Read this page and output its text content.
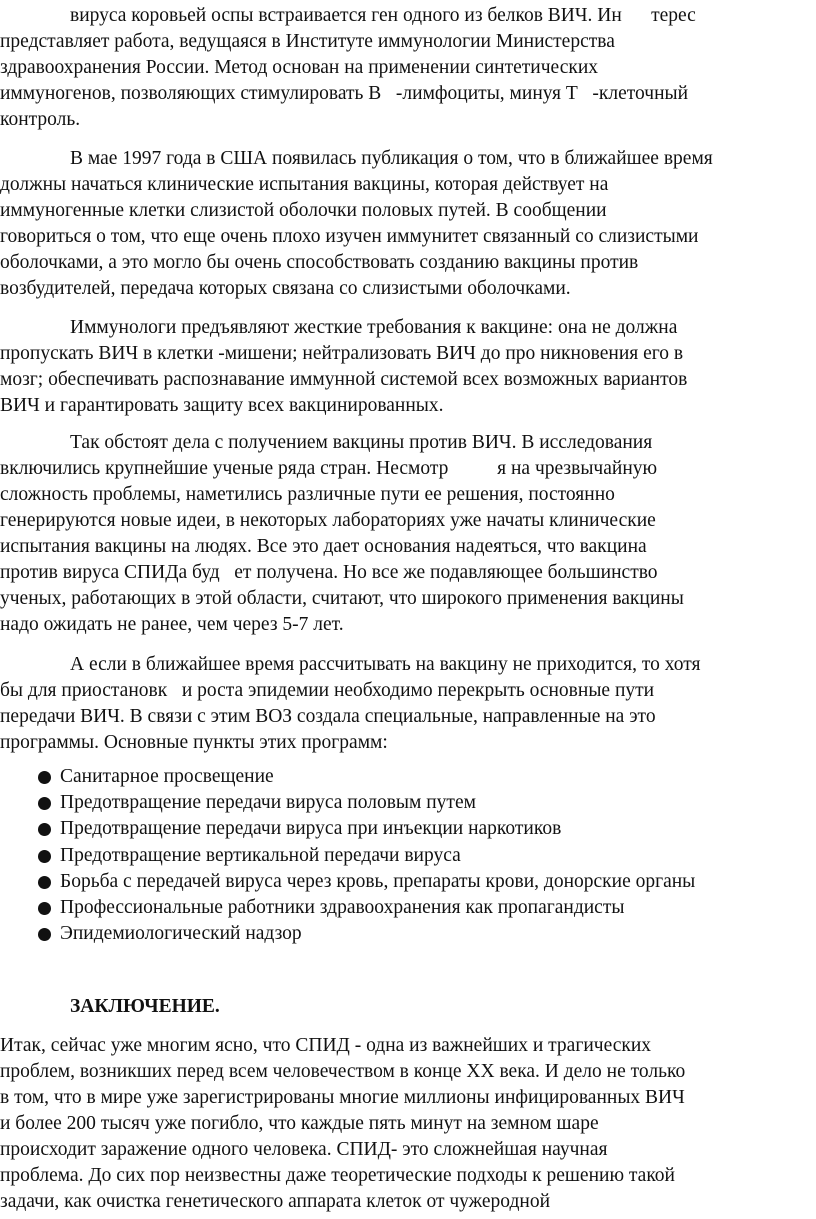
вируса коровьей оспы встраивается ген одного из белков ВИЧ. Ин      терес
представляет работа, ведущаяся в Институте иммунологии Министерства
здравоохранения России. Метод основан на применении синтетических
иммуногенов, позволяющих стимулировать В   -лимфоциты, минуя Т   -клеточный
контроль.
В мае 1997 года в США появилась публикация о том, что в ближайшее время
должны начаться клинические испытания вакцины, которая действует на
иммуногенные клетки слизистой оболочки половых путей. В сообщении
говориться о том, что еще очень плохо изучен иммунитет связанный со слизистыми
оболочками, а это могло бы очень способствовать созданию вакцины против
возбудителей, передача которых связана со слизистыми оболочками.
Иммунологи предъявляют жесткие требования к вакцине: она не должна
пропускать ВИЧ в клетки -мишени; нейтрализовать ВИЧ до про никновения его в
мозг; обеспечивать распознавание иммунной системой всех возможных вариантов
ВИЧ и гарантировать защиту всех вакцинированных.
Так обстоят дела с получением вакцины против ВИЧ. В исследования
включились крупнейшие ученые ряда стран. Несмотр          я на чрезвычайную
сложность проблемы, наметились различные пути ее решения, постоянно
генерируются новые идеи, в некоторых лабораториях уже начаты клинические
испытания вакцины на людях. Все это дает основания надеяться, что вакцина
против вируса СПИДа буд   ет получена. Но все же подавляющее большинство
ученых, работающих в этой области, считают, что широкого применения вакцины
надо ожидать не ранее, чем через 5-7 лет.
А если в ближайшее время рассчитывать на вакцину не приходится, то хотя
бы для приостановк   и роста эпидемии необходимо перекрыть основные пути
передачи ВИЧ. В связи с этим ВОЗ создала специальные, направленные на это
программы. Основные пункты этих программ:
Санитарное просвещение
Предотвращение передачи вируса половым путем
Предотвращение передачи вируса при инъекции наркотиков
Предотвращение вертикальной передачи вируса
Борьба с передачей вируса через кровь, препараты крови, донорские органы
Профессиональные работники здравоохранения как пропагандисты
Эпидемиологический надзор
ЗАКЛЮЧЕНИЕ.
Итак, сейчас уже многим ясно, что СПИД - одна из важнейших и трагических
проблем, возникших перед всем человечеством в конце XX века. И дело не только
в том, что в мире уже зарегистрированы многие миллионы инфицированных ВИЧ
и более 200 тысяч уже погибло, что каждые пять минут на земном шаре
происходит заражение одного человека. СПИД- это сложнейшая научная
проблема. До сих пор неизвестны даже теоретические подходы к решению такой
задачи, как очистка генетического аппарата клеток от чужеродной
